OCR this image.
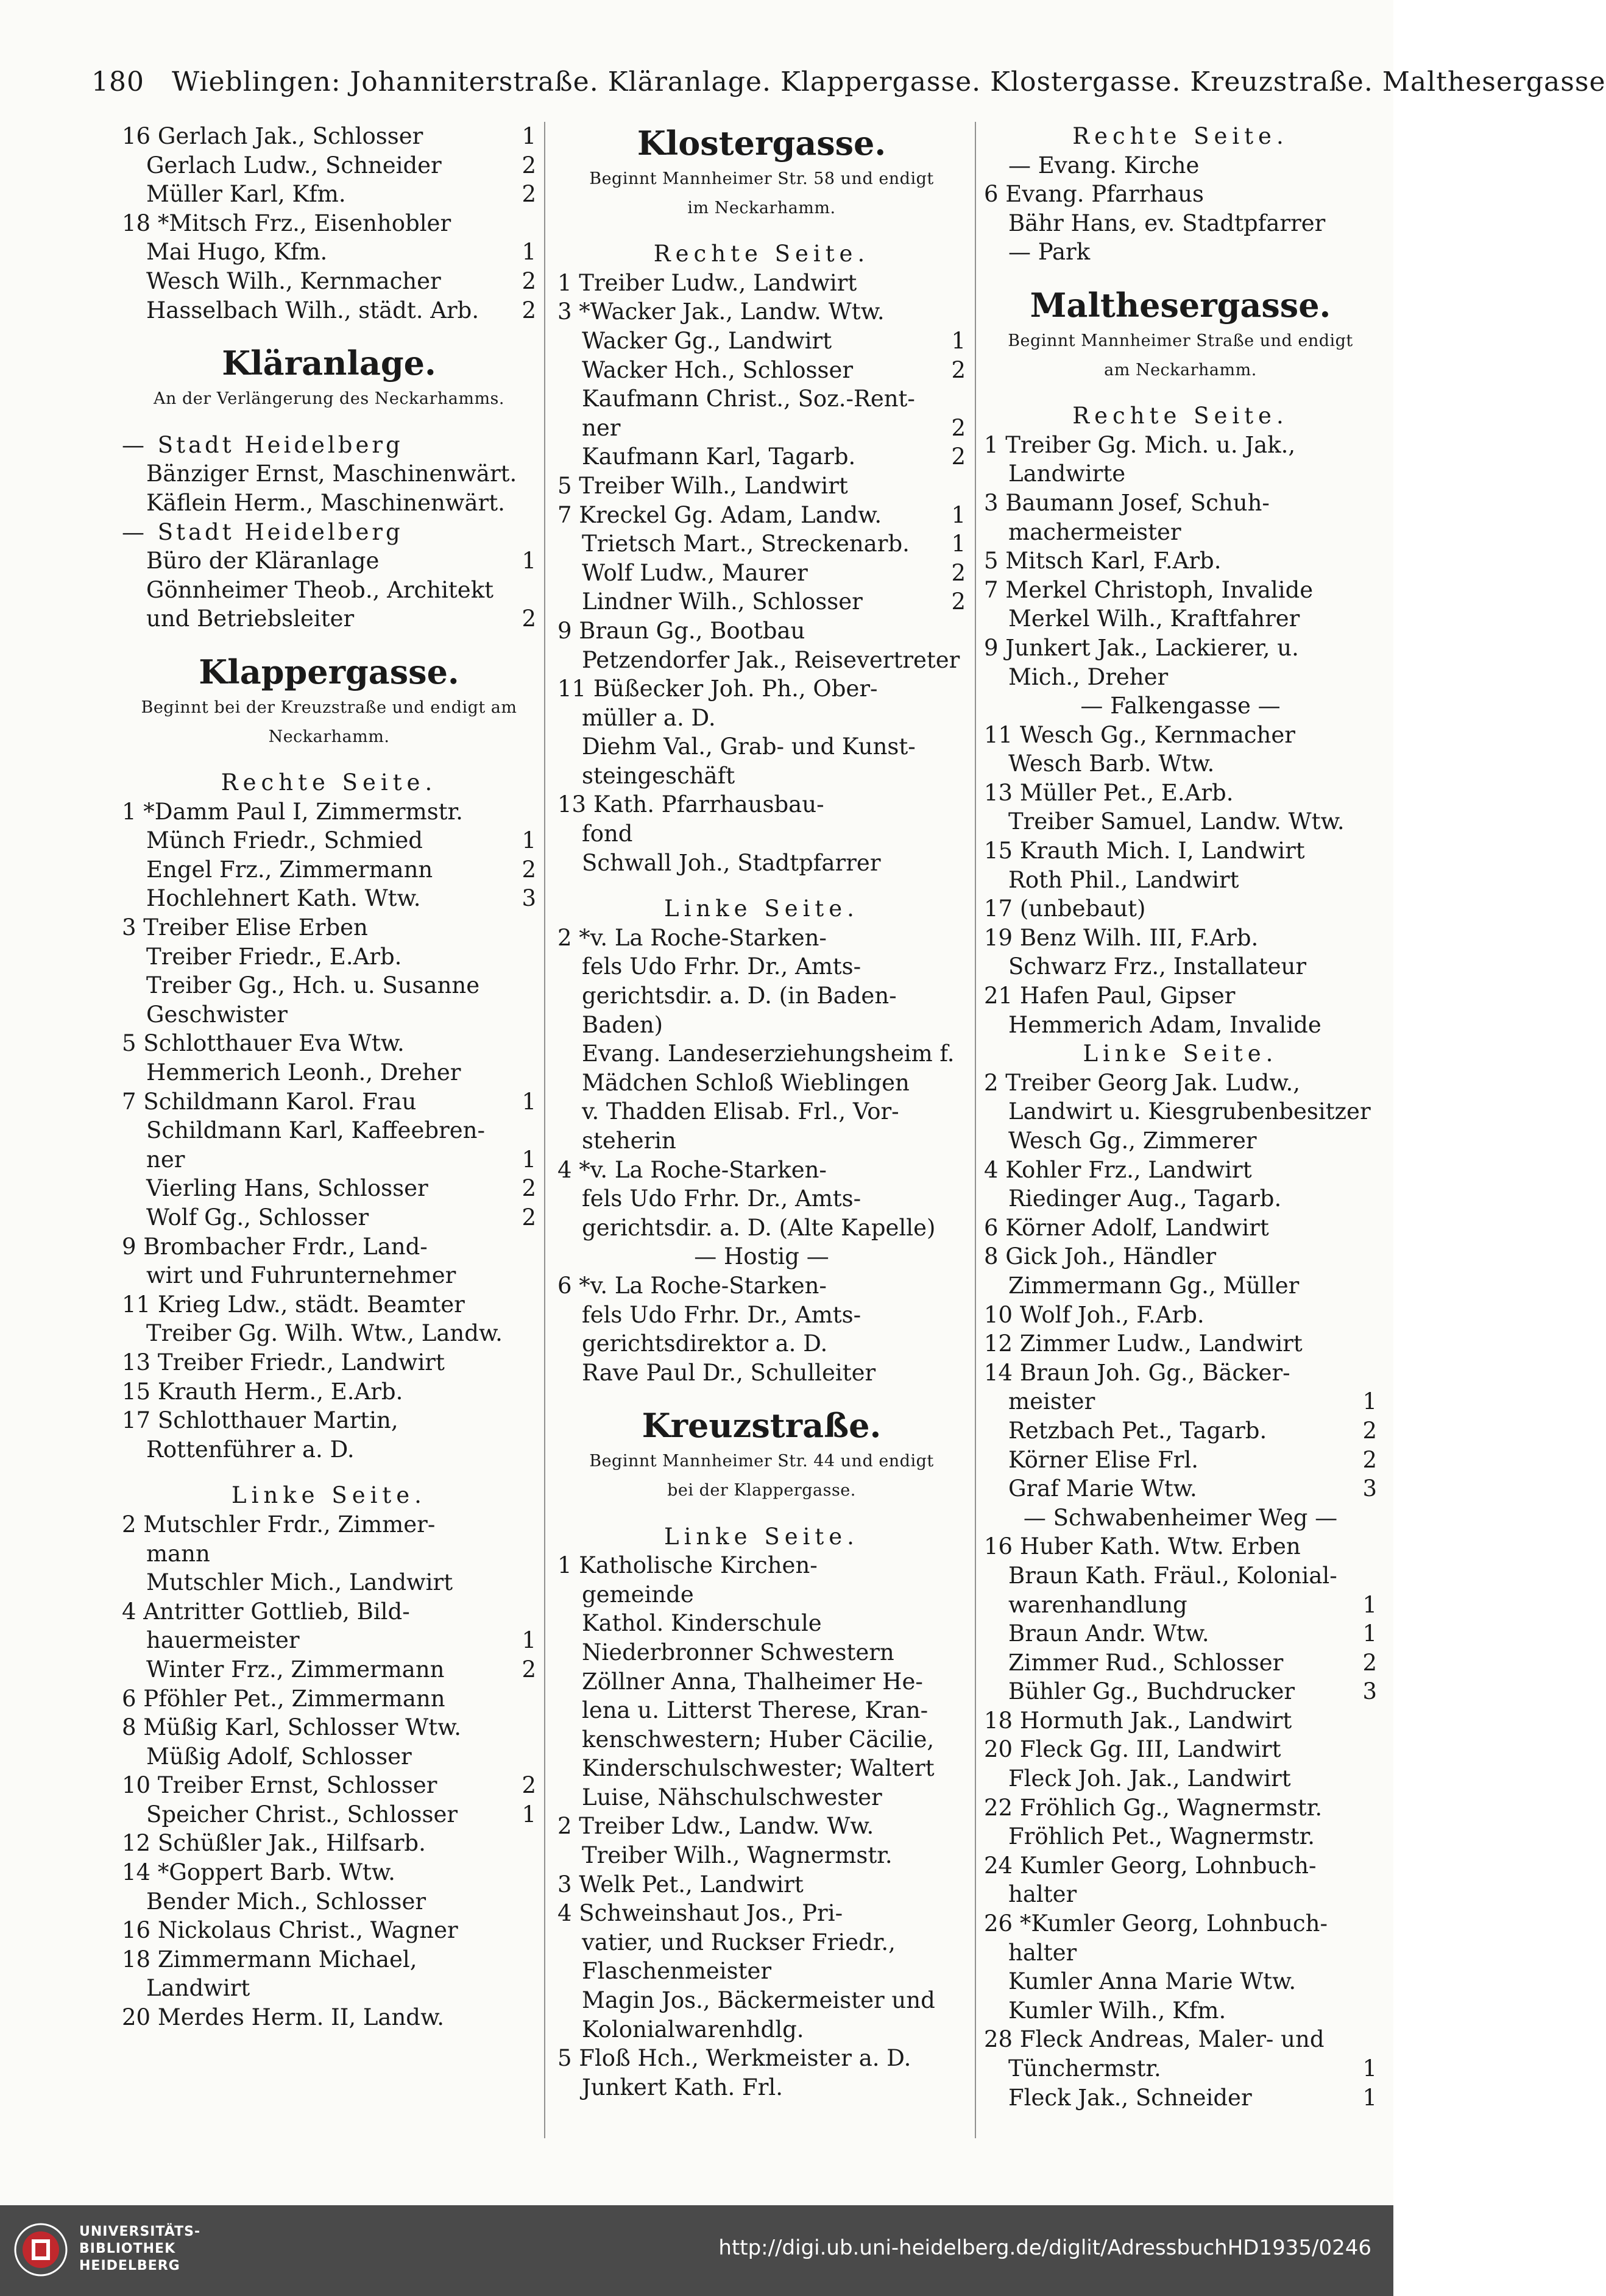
180 Wieblingen: Johanniterstraße. Kläranlage. Klappergasse. Klostergasse. Kreuzstraße. Malthesergasse
1
16 Gerlach Jak., Schlosser
2
Gerlach Ludw., Schneider
2
Müller Karl, Kfm.
18 *Mitsch Frz., Eisenhobler
1
Mai Hugo, Kfm.
2
Wesch Wilh., Kernmacher
2
Hasselbach Wilh., städt. Arb.
Kläranlage.
An der Verlängerung des Neckarhamms.
— Stadt Heidelberg
Bänziger Ernst, Maschinenwärt.
Käflein Herm., Maschinenwärt.
— Stadt Heidelberg
1
Büro der Kläranlage
Gönnheimer Theob., Architekt
2
und Betriebsleiter
Klappergasse.
Beginnt bei der Kreuzstraße und endigt am
Neckarhamm.
Rechte Seite.
1 *Damm Paul I, Zimmermstr.
1
Münch Friedr., Schmied
2
Engel Frz., Zimmermann
3
Hochlehnert Kath. Wtw.
3 Treiber Elise Erben
Treiber Friedr., E.Arb.
Treiber Gg., Hch. u. Susanne
Geschwister
5 Schlotthauer Eva Wtw.
Hemmerich Leonh., Dreher
1
7 Schildmann Karol. Frau
Schildmann Karl, Kaffeebren-
1
ner
2
Vierling Hans, Schlosser
2
Wolf Gg., Schlosser
9 Brombacher Frdr., Land-
wirt und Fuhrunternehmer
11 Krieg Ldw., städt. Beamter
Treiber Gg. Wilh. Wtw., Landw.
13 Treiber Friedr., Landwirt
15 Krauth Herm., E.Arb.
17 Schlotthauer Martin,
Rottenführer a. D.
Linke Seite.
2 Mutschler Frdr., Zimmer-
mann
Mutschler Mich., Landwirt
4 Antritter Gottlieb, Bild-
1
hauermeister
2
Winter Frz., Zimmermann
6 Pföhler Pet., Zimmermann
8 Müßig Karl, Schlosser Wtw.
Müßig Adolf, Schlosser
2
10 Treiber Ernst, Schlosser
1
Speicher Christ., Schlosser
12 Schüßler Jak., Hilfsarb.
14 *Goppert Barb. Wtw.
Bender Mich., Schlosser
16 Nickolaus Christ., Wagner
18 Zimmermann Michael,
Landwirt
20 Merdes Herm. II, Landw.
Klostergasse.
Beginnt Mannheimer Str. 58 und endigt
im Neckarhamm.
Rechte Seite.
1 Treiber Ludw., Landwirt
3 *Wacker Jak., Landw. Wtw.
1
Wacker Gg., Landwirt
2
Wacker Hch., Schlosser
Kaufmann Christ., Soz.-Rent-
2
ner
2
Kaufmann Karl, Tagarb.
5 Treiber Wilh., Landwirt
1
7 Kreckel Gg. Adam, Landw.
1
Trietsch Mart., Streckenarb.
2
Wolf Ludw., Maurer
2
Lindner Wilh., Schlosser
9 Braun Gg., Bootbau
Petzendorfer Jak., Reisevertreter
11 Büßecker Joh. Ph., Ober-
müller a. D.
Diehm Val., Grab- und Kunst-
steingeschäft
13 Kath. Pfarrhausbau-
fond
Schwall Joh., Stadtpfarrer
Linke Seite.
2 *v. La Roche-Starken-
fels Udo Frhr. Dr., Amts-
gerichtsdir. a. D. (in Baden-
Baden)
Evang. Landeserziehungsheim f.
Mädchen Schloß Wieblingen
v. Thadden Elisab. Frl., Vor-
steherin
4 *v. La Roche-Starken-
fels Udo Frhr. Dr., Amts-
gerichtsdir. a. D. (Alte Kapelle)
— Hostig —
6 *v. La Roche-Starken-
fels Udo Frhr. Dr., Amts-
gerichtsdirektor a. D.
Rave Paul Dr., Schulleiter
Kreuzstraße.
Beginnt Mannheimer Str. 44 und endigt
bei der Klappergasse.
Linke Seite.
1 Katholische Kirchen-
gemeinde
Kathol. Kinderschule
Niederbronner Schwestern
Zöllner Anna, Thalheimer He-
lena u. Litterst Therese, Kran-
kenschwestern; Huber Cäcilie,
Kinderschulschwester; Waltert
Luise, Nähschulschwester
2 Treiber Ldw., Landw. Ww.
Treiber Wilh., Wagnermstr.
3 Welk Pet., Landwirt
4 Schweinshaut Jos., Pri-
vatier, und Ruckser Friedr.,
Flaschenmeister
Magin Jos., Bäckermeister und
Kolonialwarenhdlg.
5 Floß Hch., Werkmeister a. D.
Junkert Kath. Frl.
Rechte Seite.
— Evang. Kirche
6 Evang. Pfarrhaus
Bähr Hans, ev. Stadtpfarrer
— Park
Malthesergasse.
Beginnt Mannheimer Straße und endigt
am Neckarhamm.
Rechte Seite.
1 Treiber Gg. Mich. u. Jak.,
Landwirte
3 Baumann Josef, Schuh-
machermeister
5 Mitsch Karl, F.Arb.
7 Merkel Christoph, Invalide
Merkel Wilh., Kraftfahrer
9 Junkert Jak., Lackierer, u.
Mich., Dreher
— Falkengasse —
11 Wesch Gg., Kernmacher
Wesch Barb. Wtw.
13 Müller Pet., E.Arb.
Treiber Samuel, Landw. Wtw.
15 Krauth Mich. I, Landwirt
Roth Phil., Landwirt
17 (unbebaut)
19 Benz Wilh. III, F.Arb.
Schwarz Frz., Installateur
21 Hafen Paul, Gipser
Hemmerich Adam, Invalide
Linke Seite.
2 Treiber Georg Jak. Ludw.,
Landwirt u. Kiesgrubenbesitzer
Wesch Gg., Zimmerer
4 Kohler Frz., Landwirt
Riedinger Aug., Tagarb.
6 Körner Adolf, Landwirt
8 Gick Joh., Händler
Zimmermann Gg., Müller
10 Wolf Joh., F.Arb.
12 Zimmer Ludw., Landwirt
14 Braun Joh. Gg., Bäcker-
1
meister
2
Retzbach Pet., Tagarb.
2
Körner Elise Frl.
3
Graf Marie Wtw.
— Schwabenheimer Weg —
16 Huber Kath. Wtw. Erben
Braun Kath. Fräul., Kolonial-
1
warenhandlung
1
Braun Andr. Wtw.
2
Zimmer Rud., Schlosser
3
Bühler Gg., Buchdrucker
18 Hormuth Jak., Landwirt
20 Fleck Gg. III, Landwirt
Fleck Joh. Jak., Landwirt
22 Fröhlich Gg., Wagnermstr.
Fröhlich Pet., Wagnermstr.
24 Kumler Georg, Lohnbuch-
halter
26 *Kumler Georg, Lohnbuch-
halter
Kumler Anna Marie Wtw.
Kumler Wilh., Kfm.
28 Fleck Andreas, Maler- und
1
Tünchermstr.
1
Fleck Jak., Schneider
UNIVERSITÄTS-
BIBLIOTHEK
HEIDELBERG
http://digi.ub.uni-heidelberg.de/diglit/AdressbuchHD1935/0246
